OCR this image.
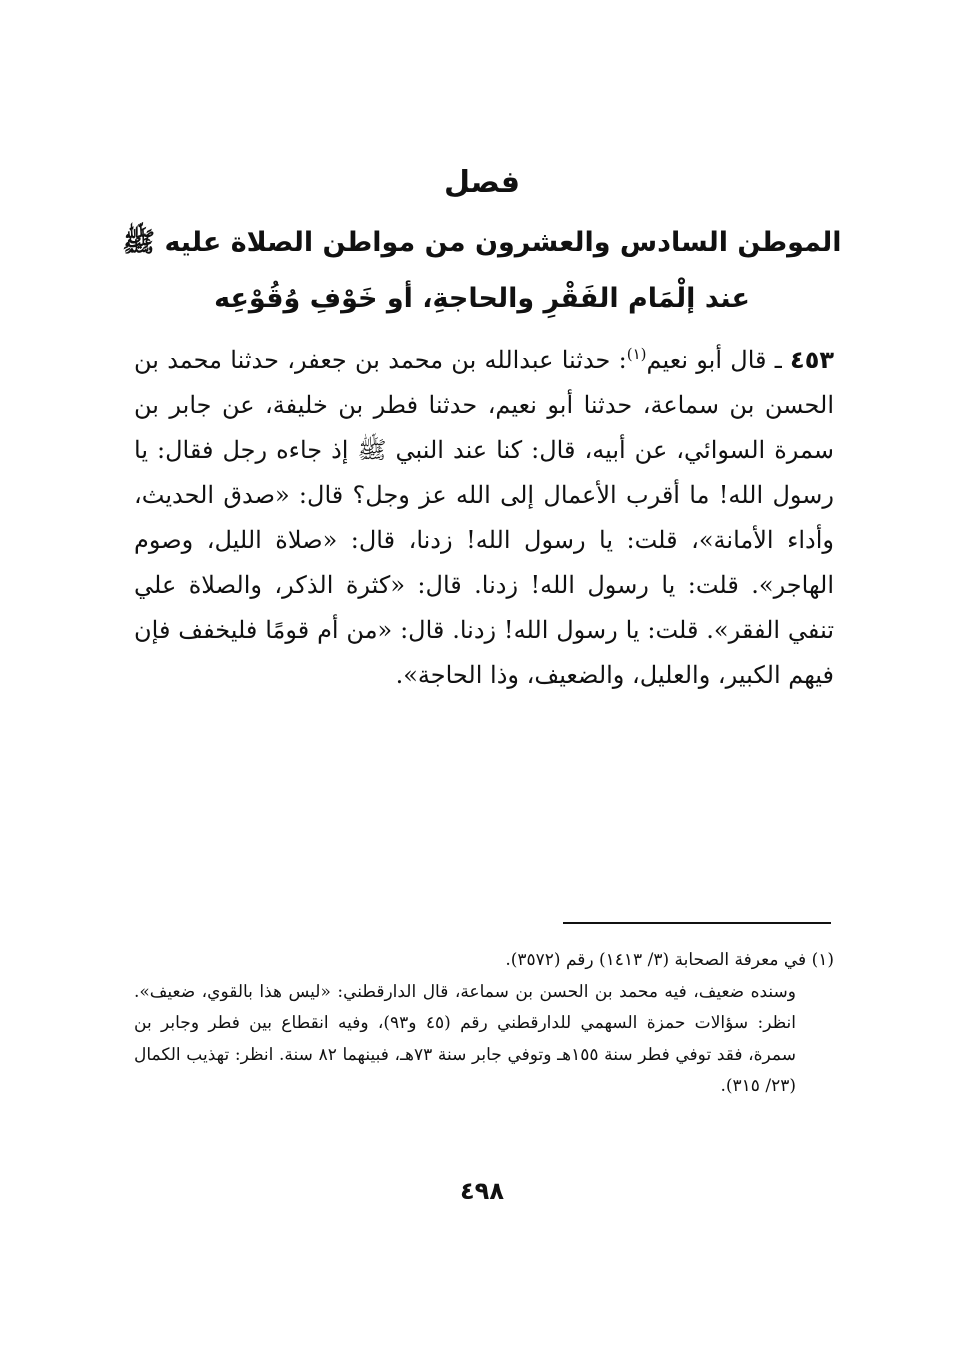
فصل
الموطن السادس والعشرون من مواطن الصلاة عليه ﷺ
عند إلْمَام الفَقْرِ والحاجةِ، أو خَوْفِ وُقُوْعِه
٤٥٣ ـ قال أبو نعيم$^{(١)}$: حدثنا عبدالله بن محمد بن جعفر، حدثنا محمد بن الحسن بن سماعة، حدثنا أبو نعيم، حدثنا فطر بن خليفة، عن جابر بن سمرة السوائي، عن أبيه، قال: كنا عند النبي ﷺ إذ جاءه رجل فقال: يا رسول الله! ما أقرب الأعمال إلى الله عز وجل؟ قال: «صدق الحديث، وأداء الأمانة»، قلت: يا رسول الله! زدنا، قال: «صلاة الليل، وصوم الهاجر». قلت: يا رسول الله! زدنا. قال: «كثرة الذكر، والصلاة علي تنفي الفقر». قلت: يا رسول الله! زدنا. قال: «من أم قومًا فليخفف فإن فيهم الكبير، والعليل، والضعيف، وذا الحاجة».
(١) في معرفة الصحابة (٣/ ١٤١٣) رقم (٣٥٧٢).
وسنده ضعيف، فيه محمد بن الحسن بن سماعة، قال الدارقطني: «ليس هذا بالقوي، ضعيف». انظر: سؤالات حمزة السهمي للدارقطني رقم (٤٥ و٩٣)، وفيه انقطاع بين فطر وجابر بن سمرة، فقد توفي فطر سنة ١٥٥هـ وتوفي جابر سنة ٧٣هـ، فبينهما ٨٢ سنة. انظر: تهذيب الكمال (٢٣/ ٣١٥).
٤٩٨
